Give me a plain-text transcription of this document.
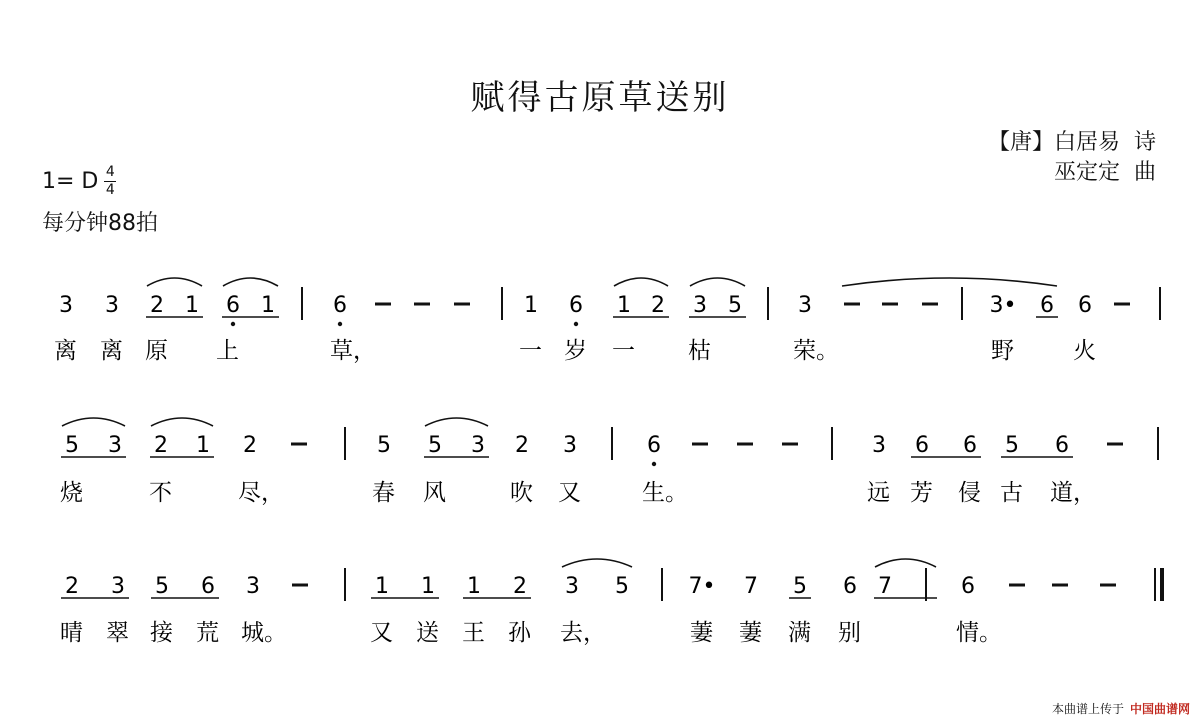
赋得古原草送别
【唐】白居易  诗
巫定定  曲
1= D $\frac{4}{4}$
每分钟88拍
3 3 2 1 6 1	6	1 6 1 2 3 5	3	3• 6 6
离 离 原 上	草，	一 岁 一 枯	荣。	野	火
5 3 2 1 2	5 5 3 2 3	6	3 6 6 5 6
烧	不	尽，	春 风	吹 又	生。	远 芳 侵 古 道，
2 3 5 6 3	1 1 1 2 3 5	7• 7 5 6 7	6
晴 翠 接 荒 城。	又 送 王 孙 去，	萋 萋 满 别	情。
本曲谱上传于 中国曲谱网
